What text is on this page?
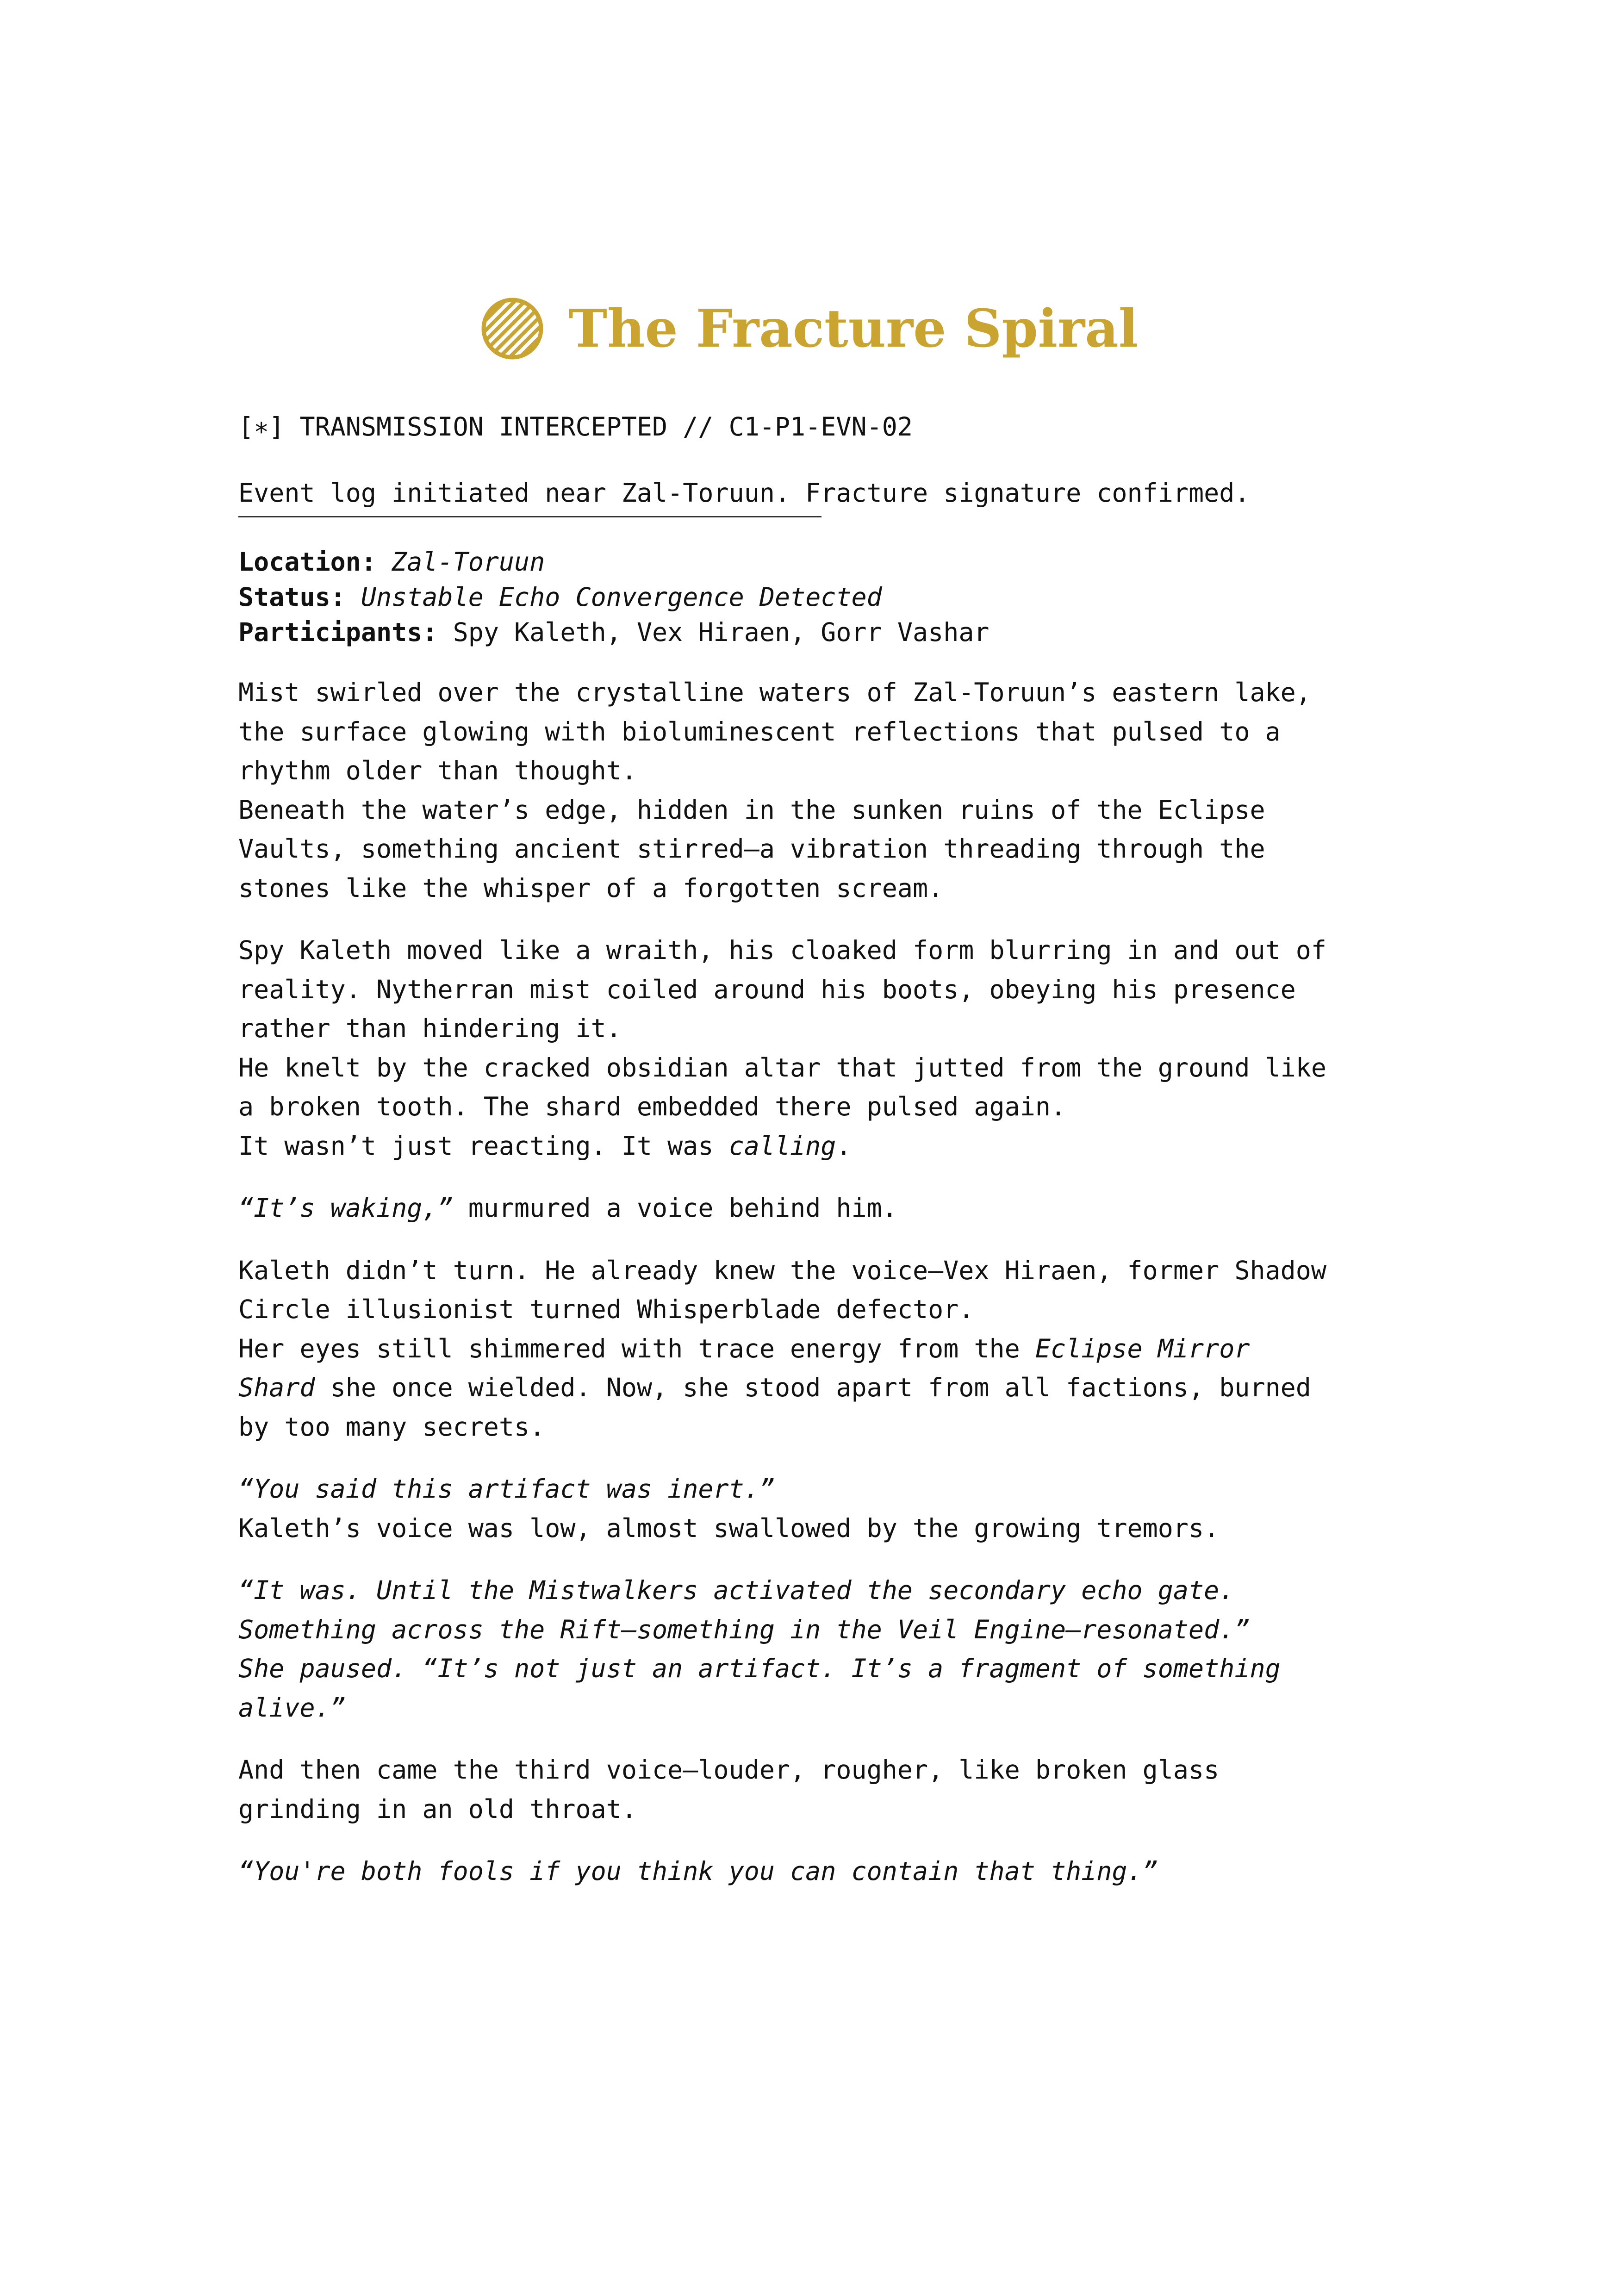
The Fracture Spiral

[∗] TRANSMISSION INTERCEPTED // C1-P1-EVN-02

Event log initiated near Zal-Toruun. Fracture signature confirmed.

Location: Zal-Toruun

Status: Unstable Echo Convergence Detected

Participants: Spy Kaleth, Vex Hiraen, Gorr Vashar

Mist swirled over the crystalline waters of Zal-Toruun’s eastern lake,

the surface glowing with bioluminescent reflections that pulsed to a

rhythm older than thought.

Beneath the water’s edge, hidden in the sunken ruins of the Eclipse

Vaults, something ancient stirred—a vibration threading through the

stones like the whisper of a forgotten scream.

Spy Kaleth moved like a wraith, his cloaked form blurring in and out of

reality. Nytherran mist coiled around his boots, obeying his presence

rather than hindering it.

He knelt by the cracked obsidian altar that jutted from the ground like

a broken tooth. The shard embedded there pulsed again.

It wasn’t just reacting. It was calling.

“It’s waking,” murmured a voice behind him.

Kaleth didn’t turn. He already knew the voice—Vex Hiraen, former Shadow

Circle illusionist turned Whisperblade defector.

Her eyes still shimmered with trace energy from the Eclipse Mirror

Shard she once wielded. Now, she stood apart from all factions, burned

by too many secrets.

“You said this artifact was inert.”

Kaleth’s voice was low, almost swallowed by the growing tremors.

“It was. Until the Mistwalkers activated the secondary echo gate.

Something across the Rift—something in the Veil Engine—resonated.”

She paused. “It’s not just an artifact. It’s a fragment of something

alive.”

And then came the third voice—louder, rougher, like broken glass

grinding in an old throat.

“You're both fools if you think you can contain that thing.”
